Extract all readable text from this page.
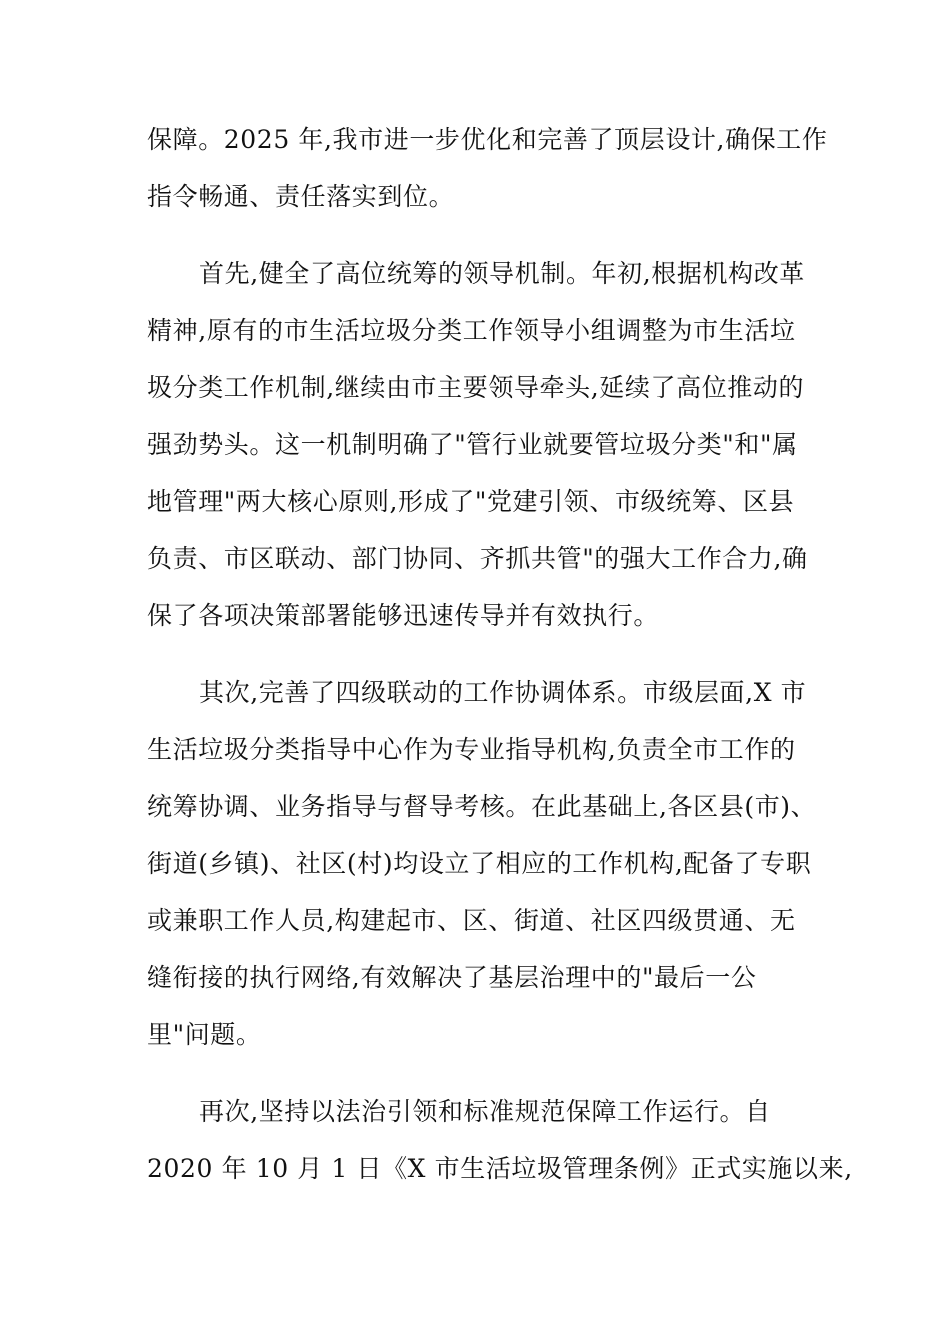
保障。2025 年,我市进一步优化和完善了顶层设计,确保工作
指令畅通、责任落实到位。
首先,健全了高位统筹的领导机制。年初,根据机构改革
精神,原有的市生活垃圾分类工作领导小组调整为市生活垃
圾分类工作机制,继续由市主要领导牵头,延续了高位推动的
强劲势头。这一机制明确了"管行业就要管垃圾分类"和"属
地管理"两大核心原则,形成了"党建引领、市级统筹、区县
负责、市区联动、部门协同、齐抓共管"的强大工作合力,确
保了各项决策部署能够迅速传导并有效执行。
其次,完善了四级联动的工作协调体系。市级层面,X 市
生活垃圾分类指导中心作为专业指导机构,负责全市工作的
统筹协调、业务指导与督导考核。在此基础上,各区县(市)、
街道(乡镇)、社区(村)均设立了相应的工作机构,配备了专职
或兼职工作人员,构建起市、区、街道、社区四级贯通、无
缝衔接的执行网络,有效解决了基层治理中的"最后一公
里"问题。
再次,坚持以法治引领和标准规范保障工作运行。自
2020 年 10 月 1 日《X 市生活垃圾管理条例》正式实施以来,
